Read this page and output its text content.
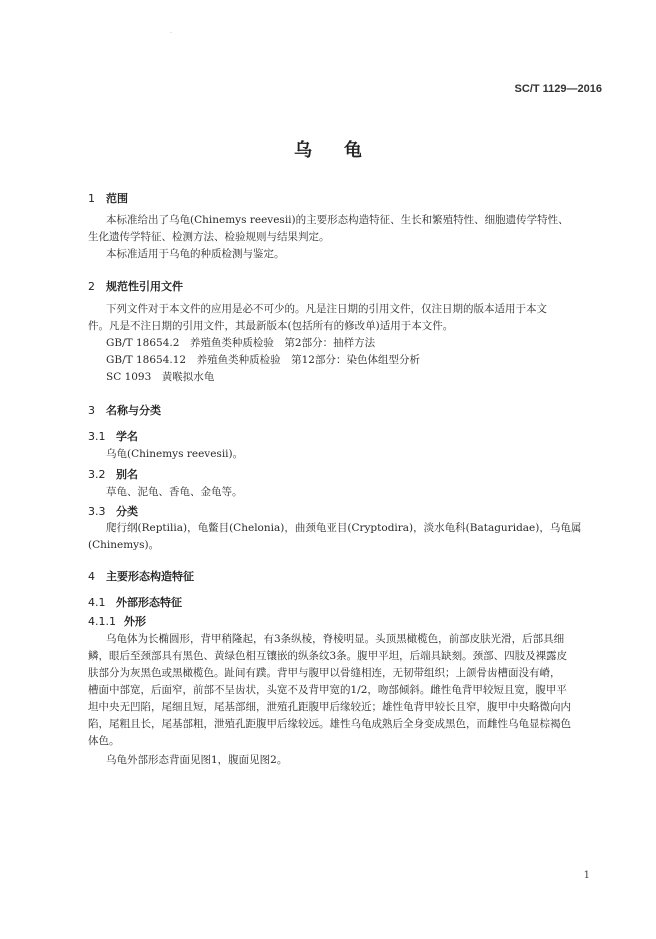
·
SC/T 1129—2016
乌龟
1 范围
本标准给出了乌龟(Chinemys reevesii)的主要形态构造特征、生长和繁殖特性、细胞遗传学特性、
生化遗传学特征、检测方法、检验规则与结果判定。
本标准适用于乌龟的种质检测与鉴定。
2 规范性引用文件
下列文件对于本文件的应用是必不可少的。凡是注日期的引用文件，仅注日期的版本适用于本文
件。凡是不注日期的引用文件，其最新版本(包括所有的修改单)适用于本文件。
GB/T 18654.2　养殖鱼类种质检验　第2部分：抽样方法
GB/T 18654.12　养殖鱼类种质检验　第12部分：染色体组型分析
SC 1093　黄喉拟水龟
3 名称与分类
3.1 学名
乌龟(Chinemys reevesii)。
3.2 别名
草龟、泥龟、香龟、金龟等。
3.3 分类
爬行纲(Reptilia)，龟鳖目(Chelonia)，曲颈龟亚目(Cryptodira)，淡水龟科(Bataguridae)，乌龟属
(Chinemys)。
4 主要形态构造特征
4.1 外部形态特征
4.1.1 外形
乌龟体为长椭圆形，背甲稍隆起，有3条纵棱，脊棱明显。头顶黑橄榄色，前部皮肤光滑，后部具细
鳞，眼后至颈部具有黑色、黄绿色相互镶嵌的纵条纹3条。腹甲平坦，后端具缺刻。颈部、四肢及裸露皮
肤部分为灰黑色或黑橄榄色。趾间有蹼。背甲与腹甲以骨缝相连，无韧带组织；上颌骨齿槽面没有嵴，
槽面中部宽，后面窄，前部不呈齿状，头宽不及背甲宽的1/2，吻部倾斜。雌性龟背甲较短且宽，腹甲平
坦中央无凹陷，尾细且短，尾基部细，泄殖孔距腹甲后缘较近；雄性龟背甲较长且窄，腹甲中央略微向内
陷，尾粗且长，尾基部粗，泄殖孔距腹甲后缘较远。雄性乌龟成熟后全身变成黑色，而雌性乌龟显棕褐色
体色。
乌龟外部形态背面见图1，腹面见图2。
1
